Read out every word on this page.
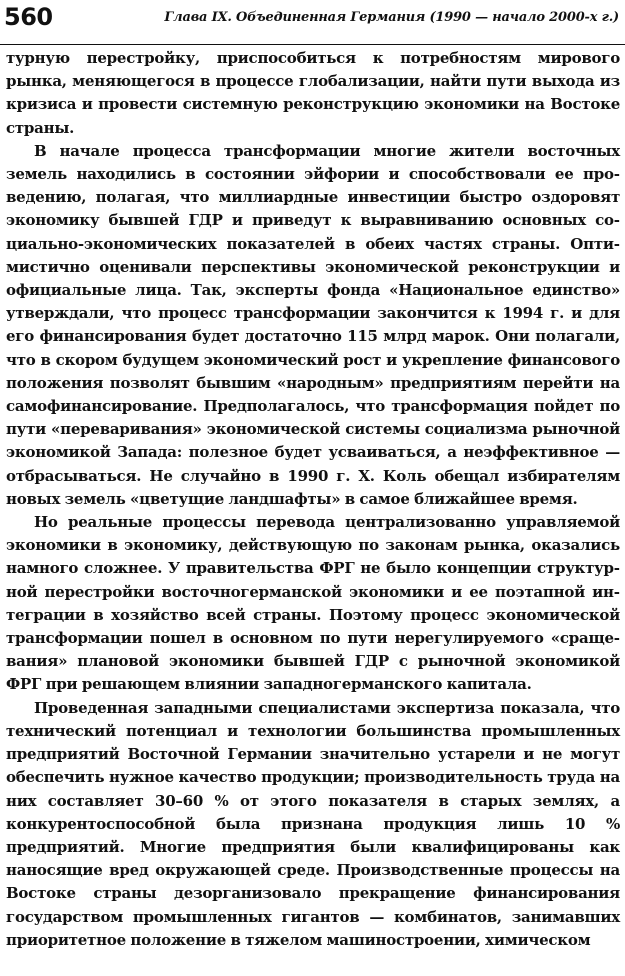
560	Глава IX. Объединенная Германия (1990 — начало 2000-х г.)

турную перестройку, приспособиться к потребностям мирового рынка, меняющегося в процессе глобализации, найти пути выхода из кризиса и провести системную реконструкцию экономики на Востоке страны.

В начале процесса трансформации многие жители восточных земель находились в состоянии эйфории и способствовали ее проведению, полагая, что миллиардные инвестиции быстро оздоровят экономику бывшей ГДР и приведут к выравниванию основных социально-экономических показателей в обеих частях страны. Оптимистично оценивали перспективы экономической реконструкции и официальные лица. Так, эксперты фонда «Национальное единство» утверждали, что процесс трансформации закончится к 1994 г. и для его финансирования будет достаточно 115 млрд марок. Они полагали, что в скором будущем экономический рост и укрепление финансового положения позволят бывшим «народным» предприятиям перейти на самофинансирование. Предполагалось, что трансформация пойдет по пути «переваривания» экономической системы социализма рыночной экономикой Запада: полезное будет усваиваться, а неэффективное — отбрасываться. Не случайно в 1990 г. Х. Коль обещал избирателям новых земель «цветущие ландшафты» в самое ближайшее время.

Но реальные процессы перевода централизованно управляемой экономики в экономику, действующую по законам рынка, оказались намного сложнее. У правительства ФРГ не было концепции структурной перестройки восточногерманской экономики и ее поэтапной интеграции в хозяйство всей страны. Поэтому процесс экономической трансформации пошел в основном по пути нерегулируемого «сращевания» плановой экономики бывшей ГДР с рыночной экономикой ФРГ при решающем влиянии западногерманского капитала.

Проведенная западными специалистами экспертиза показала, что технический потенциал и технологии большинства промышленных предприятий Восточной Германии значительно устарели и не могут обеспечить нужное качество продукции; производительность труда на них составляет 30–60 % от этого показателя в старых землях, а конкурентоспособной была признана продукция лишь 10 % предприятий. Многие предприятия были квалифицированы как наносящие вред окружающей среде. Производственные процессы на Востоке страны дезорганизовало прекращение финансирования государством промышленных гигантов — комбинатов, занимавших приоритетное положение в тяжелом машиностроении, химическом
